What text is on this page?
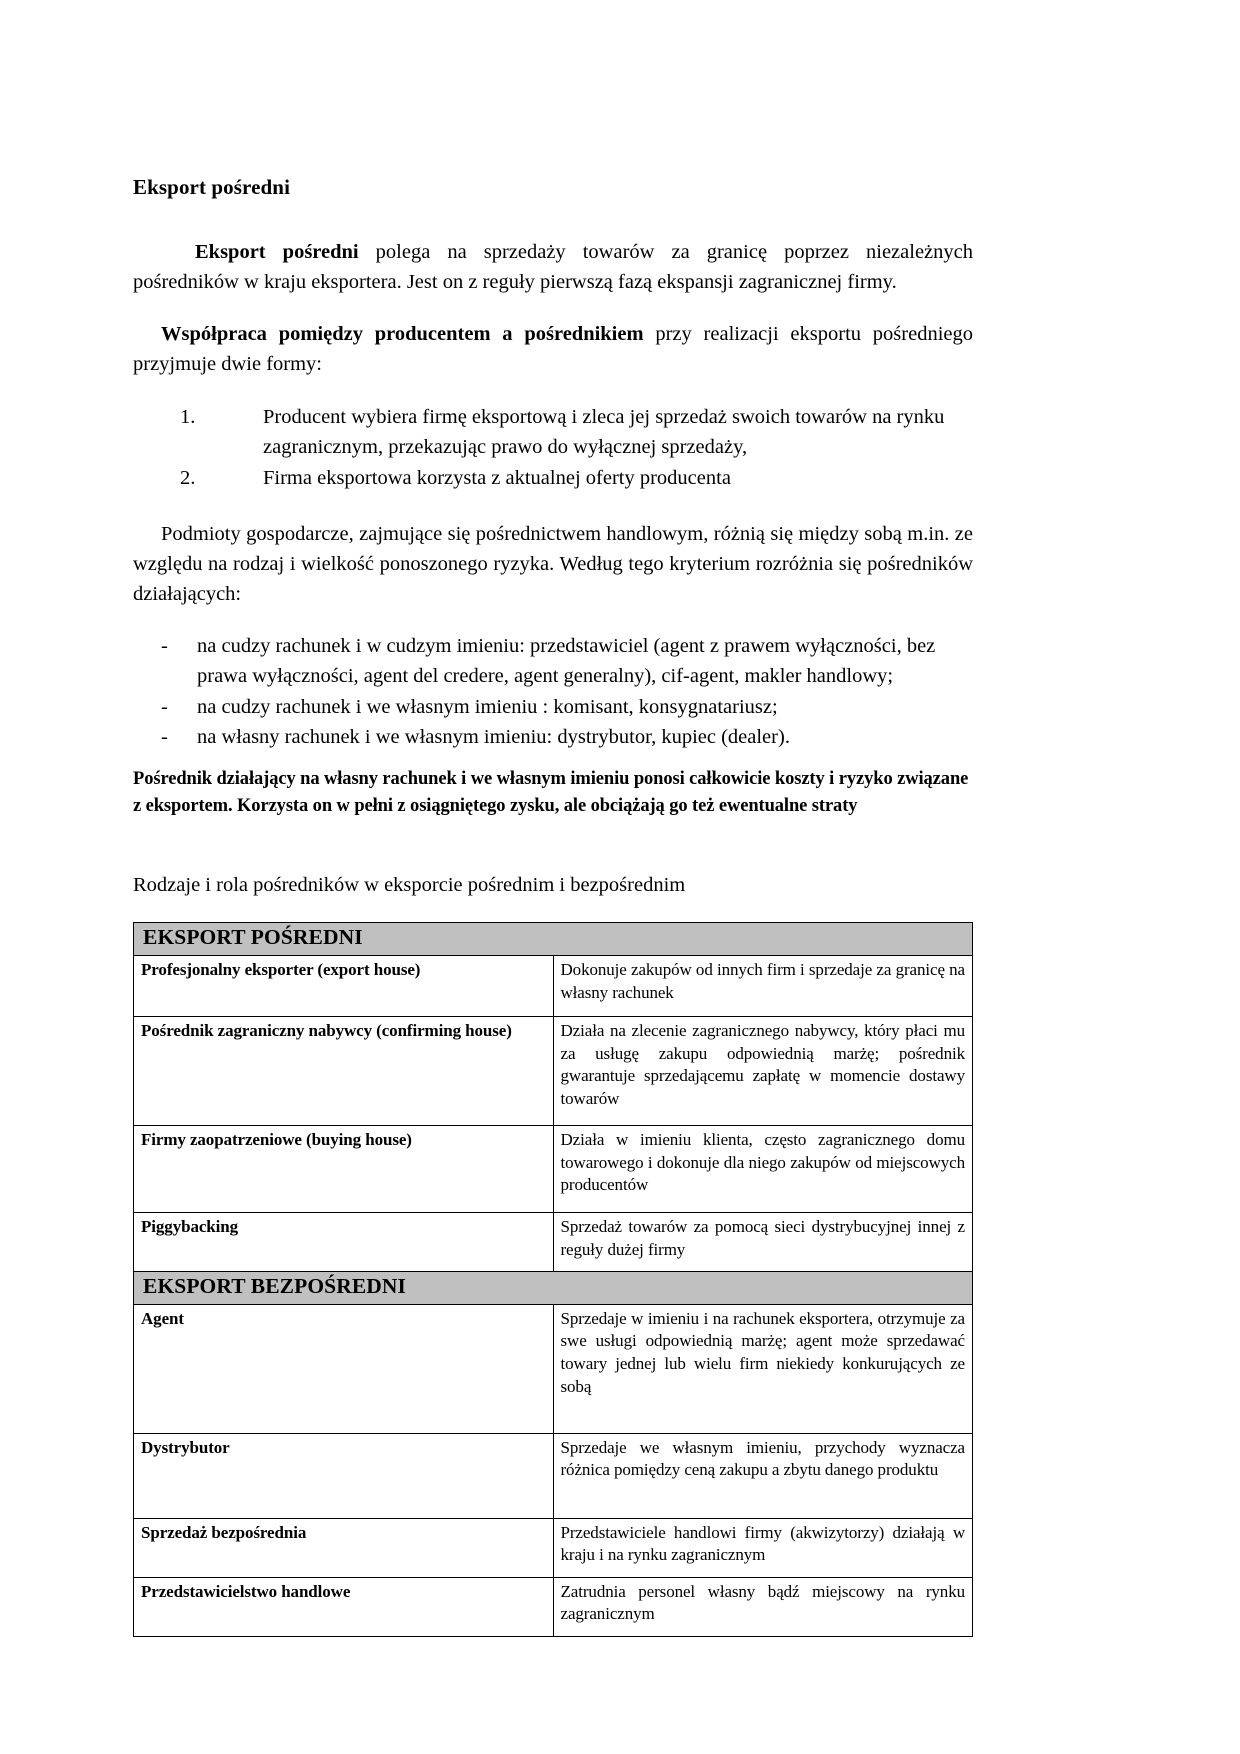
Eksport pośredni

Eksport pośredni polega na sprzedaży towarów za granicę poprzez niezależnych pośredników w kraju eksportera. Jest on z reguły pierwszą fazą ekspansji zagranicznej firmy.

Współpraca pomiędzy producentem a pośrednikiem przy realizacji eksportu pośredniego przyjmuje dwie formy:

Producent wybiera firmę eksportową i zleca jej sprzedaż swoich towarów na rynku zagranicznym, przekazując prawo do wyłącznej sprzedaży,
Firma eksportowa korzysta z aktualnej oferty producenta

Podmioty gospodarcze, zajmujące się pośrednictwem handlowym, różnią się między sobą m.in. ze względu na rodzaj i wielkość ponoszonego ryzyka. Według tego kryterium rozróżnia się pośredników działających:

- na cudzy rachunek i w cudzym imieniu: przedstawiciel (agent z prawem wyłączności, bez prawa wyłączności, agent del credere, agent generalny), cif-agent, makler handlowy;
- na cudzy rachunek i we własnym imieniu : komisant, konsygnatariusz;
- na własny rachunek i we własnym imieniu: dystrybutor, kupiec (dealer).

Pośrednik działający na własny rachunek i we własnym imieniu ponosi całkowicie koszty i ryzyko związane z eksportem. Korzysta on w pełni z osiągniętego zysku, ale obciążają go też ewentualne straty

Rodzaje i rola pośredników w eksporcie pośrednim i bezpośrednim

EKSPORT POŚREDNI	
Profesjonalny eksporter (export house)	Dokonuje zakupów od innych firm i sprzedaje za granicę na własny rachunek
Pośrednik zagraniczny nabywcy (confirming house)	Działa na zlecenie zagranicznego nabywcy, który płaci mu za usługę zakupu odpowiednią marżę; pośrednik gwarantuje sprzedającemu zapłatę w momencie dostawy towarów
Firmy zaopatrzeniowe (buying house)	Działa w imieniu klienta, często zagranicznego domu towarowego i dokonuje dla niego zakupów od miejscowych producentów
Piggybacking	Sprzedaż towarów za pomocą sieci dystrybucyjnej innej z reguły dużej firmy
EKSPORT BEZPOŚREDNI	
Agent	Sprzedaje w imieniu i na rachunek eksportera, otrzymuje za swe usługi odpowiednią marżę; agent może sprzedawać towary jednej lub wielu firm niekiedy konkurujących ze sobą
Dystrybutor	Sprzedaje we własnym imieniu, przychody wyznacza różnica pomiędzy ceną zakupu a zbytu danego produktu
Sprzedaż bezpośrednia	Przedstawiciele handlowi firmy (akwizytorzy) działają w kraju i na rynku zagranicznym
Przedstawicielstwo handlowe	Zatrudnia personel własny bądź miejscowy na rynku zagranicznym
